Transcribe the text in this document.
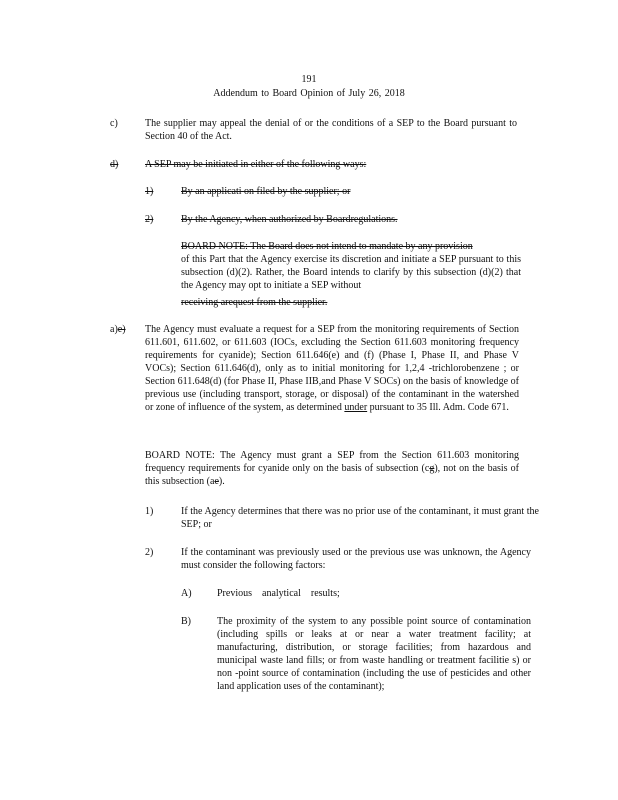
191
Addendum to Board Opinion of July 26, 2018
c)	The supplier may appeal the denial of or the conditions of a SEP to the Board pursuant to Section 40 of the Act.
d)	A SEP may be initiated in either of the following ways:
1)	By an applicati on filed by the supplier; or
2)	By the Agency, when authorized by Boardregulations.
BOARD NOTE: The Board does not intend to mandate by any provision
of this Part that the Agency exercise its discretion and initiate a SEP pursuant to this subsection (d)(2). Rather, the Board intends to clarify by this subsection (d)(2) that the Agency may opt to initiate a SEP without
receiving arequest from the supplier.
a)e) The Agency must evaluate a request for a SEP from the monitoring requirements of Section 611.601, 611.602, or 611.603 (IOCs, excluding the Section 611.603 monitoring frequency requirements for cyanide); Section 611.646(e) and (f) (Phase I, Phase II, and Phase V VOCs); Section 611.646(d), only as to initial monitoring for 1,2,4 -trichlorobenzene ; or Section 611.648(d) (for Phase II, Phase IIB,and Phase V SOCs) on the basis of knowledge of previous use (including transport, storage, or disposal) of the contaminant in the watershed or zone of influence of the system, as determined under pursuant to 35 Ill. Adm. Code 671.
BOARD NOTE: The Agency must grant a SEP from the Section 611.603 monitoring frequency requirements for cyanide only on the basis of subsection (cg), not on the basis of this subsection (ae).
1)	If the Agency determines that there was no prior use of the contaminant, it must grant the SEP; or
2)	If the contaminant was previously used or the previous use was unknown, the Agency must consider the following factors:
A)	Previous    analytical    results;
B)	The proximity of the system to any possible point source of contamination (including spills or leaks at or near a water treatment facility; at manufacturing, distribution, or storage facilities; from hazardous and municipal waste land fills; or from waste handling or treatment facilitie s) or non -point source of contamination (including the use of pesticides and other land application uses of the contaminant);
